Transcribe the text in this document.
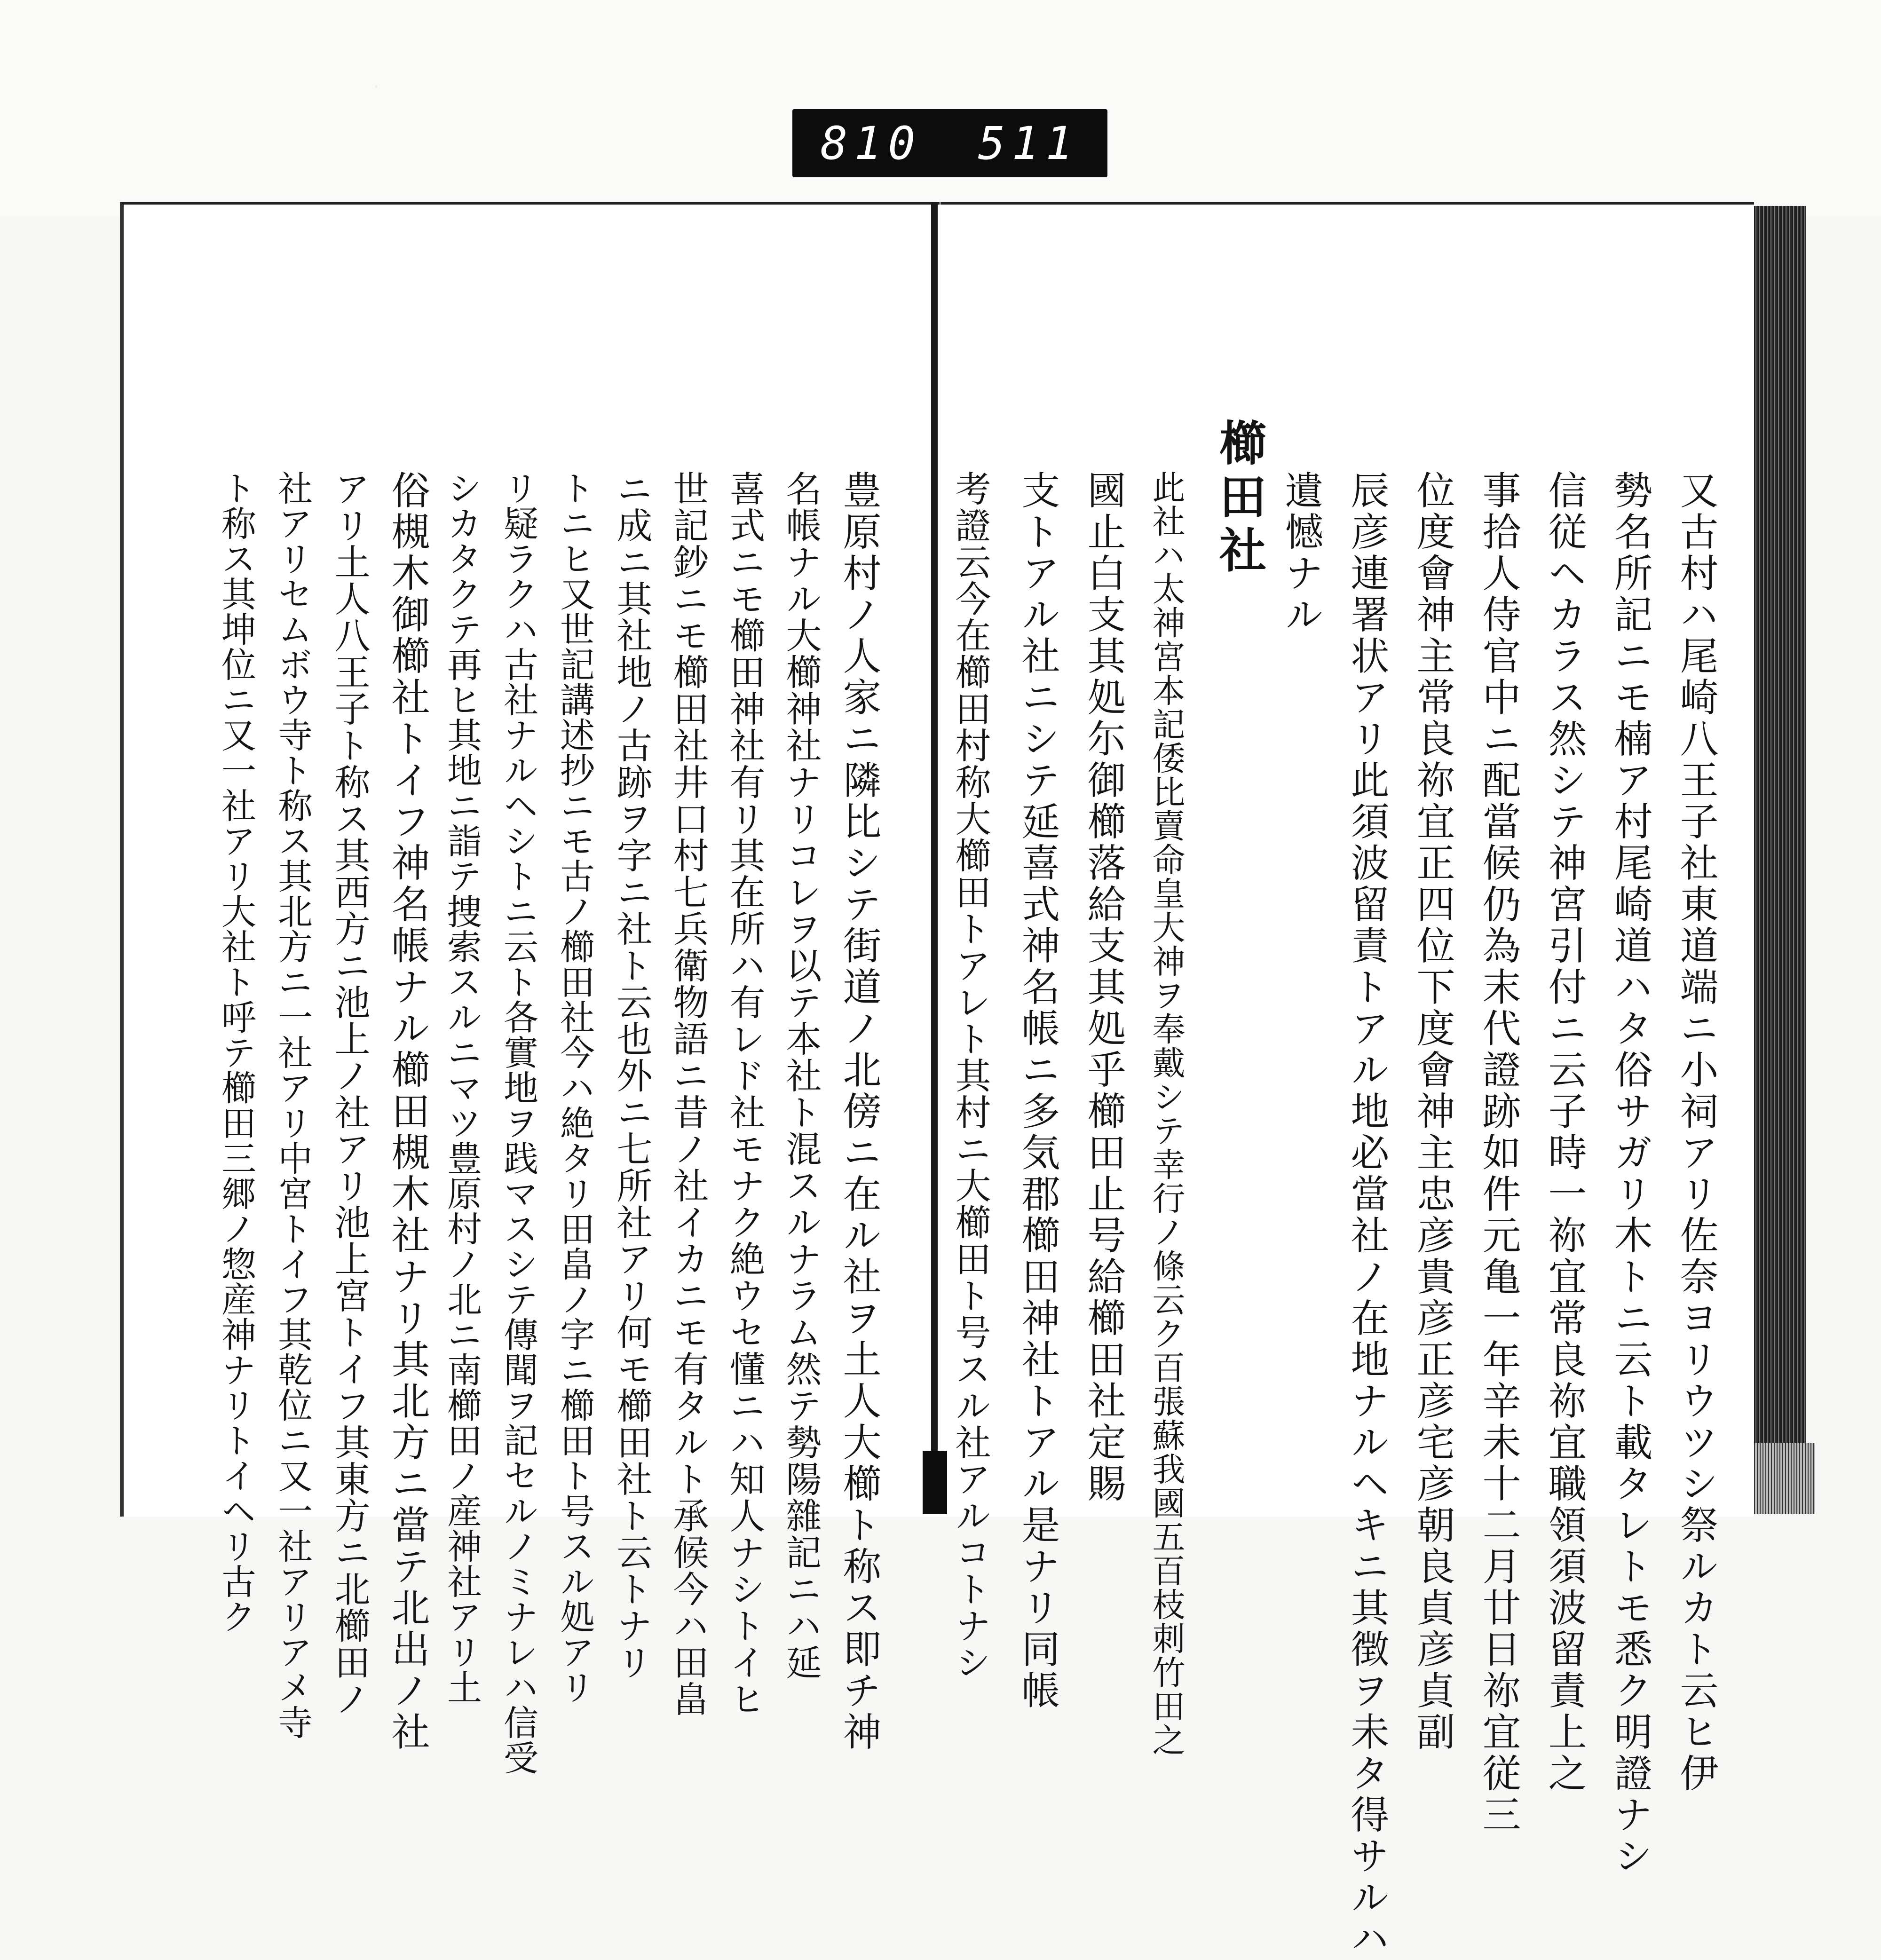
810 511
又古村ハ尾崎八王子社東道端ニ小祠アリ佐奈ヨリウツシ祭ルカト云ヒ伊
勢名所記ニモ楠ア村尾崎道ハタ俗サガリ木トニ云ト載タレトモ悉ク明證ナシ
信従ヘカラス然シテ神宮引付ニ云子時一祢宜常良祢宜職領須波留責上之
事拾人侍官中ニ配當候仍為末代證跡如件元亀一年辛未十二月廿日祢宜従三
位度會神主常良祢宜正四位下度會神主忠彦貴彦正彦宅彦朝良貞彦貞副
辰彦連署状アリ此須波留責トアル地必當社ノ在地ナルヘキニ其徴ヲ未タ得サルハ
遺憾ナル
櫛田社
此社ハ太神宮本記倭比賣命皇大神ヲ奉戴シテ幸行ノ條云ク百張蘇我國五百枝刺竹田之
國止白支其処尓御櫛落給支其処乎櫛田止号給櫛田社定賜
支トアル社ニシテ延喜式神名帳ニ多気郡櫛田神社トアル是ナリ同帳
考證云今在櫛田村称大櫛田トアレト其村ニ大櫛田ト号スル社アルコトナシ
豊原村ノ人家ニ隣比シテ街道ノ北傍ニ在ル社ヲ土人大櫛ト称ス即チ神
名帳ナル大櫛神社ナリコレヲ以テ本社ト混スルナラム然テ勢陽雜記ニハ延
喜式ニモ櫛田神社有リ其在所ハ有レド社モナク絶ウセ懂ニハ知人ナシトイヒ
世記鈔ニモ櫛田社井口村七兵衛物語ニ昔ノ社イカニモ有タルト承候今ハ田畠
ニ成ニ其社地ノ古跡ヲ字ニ社ト云也外ニ七所社アリ何モ櫛田社ト云トナリ
トニヒ又世記講述抄ニモ古ノ櫛田社今ハ絶タリ田畠ノ字ニ櫛田ト号スル処アリ
リ疑ラクハ古社ナルヘシトニ云ト各實地ヲ践マスシテ傳聞ヲ記セルノミナレハ信受
シカタクテ再ヒ其地ニ詣テ捜索スルニマツ豊原村ノ北ニ南櫛田ノ産神社アリ土
俗槻木御櫛社トイフ神名帳ナル櫛田槻木社ナリ其北方ニ當テ北出ノ社
アリ土人八王子ト称ス其西方ニ池上ノ社アリ池上宮トイフ其東方ニ北櫛田ノ
社アリセムボウ寺ト称ス其北方ニ一社アリ中宮トイフ其乾位ニ又一社アリアメ寺
ト称ス其坤位ニ又一社アリ大社ト呼テ櫛田三郷ノ惣産神ナリトイヘリ古ク
